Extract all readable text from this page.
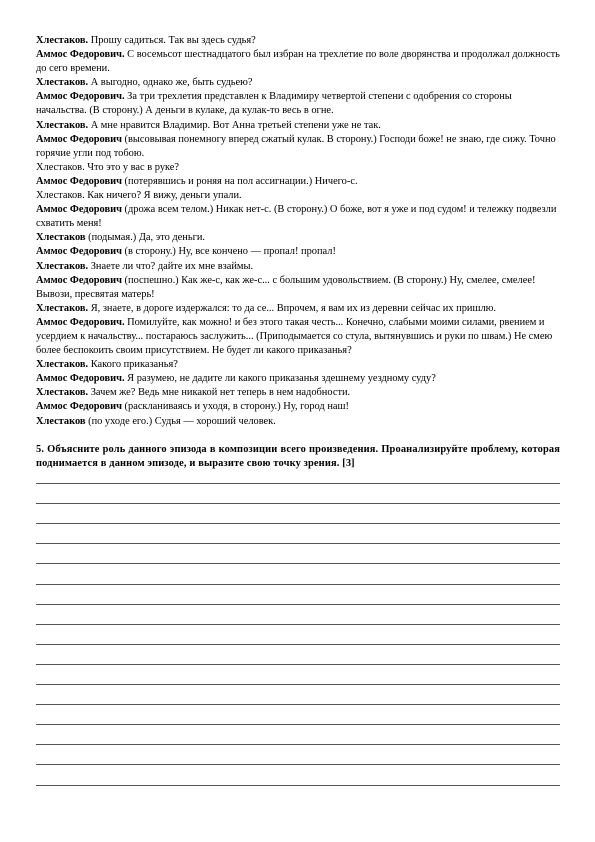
Хлестаков. Прошу садиться. Так вы здесь судья?

Аммос Федорович. С восемьсот шестнадцатого был избран на трехлетие по воле дворянства и продолжал должность до сего времени.

Хлестаков. А выгодно, однако же, быть судьею?

Аммос Федорович. За три трехлетия представлен к Владимиру четвертой степени с одобрения со стороны начальства. (В сторону.) А деньги в кулаке, да кулак-то весь в огне.

Хлестаков. А мне нравится Владимир. Вот Анна третьей степени уже не так.

Аммос Федорович (высовывая понемногу вперед сжатый кулак. В сторону.) Господи боже! не знаю, где сижу. Точно горячие угли под тобою.

Хлестаков. Что это у вас в руке?

Аммос Федорович (потерявшись и роняя на пол ассигнации.) Ничего-с.

Хлестаков. Как ничего? Я вижу, деньги упали.

Аммос Федорович (дрожа всем телом.) Никак нет-с. (В сторону.) О боже, вот я уже и под судом! и тележку подвезли схватить меня!

Хлестаков (подымая.) Да, это деньги.

Аммос Федорович (в сторону.) Ну, все кончено — пропал! пропал!

Хлестаков. Знаете ли что? дайте их мне взаймы.

Аммос Федорович (поспешно.) Как же-с, как же-с... с большим удовольствием. (В сторону.) Ну, смелее, смелее! Вывози, пресвятая матерь!

Хлестаков. Я, знаете, в дороге издержался: то да се... Впрочем, я вам их из деревни сейчас их пришлю.

Аммос Федорович. Помилуйте, как можно! и без этого такая честь... Конечно, слабыми моими силами, рвением и усердием к начальству... постараюсь заслужить... (Приподымается со стула, вытянувшись и руки по швам.) Не смею более беспокоить своим присутствием. Не будет ли какого приказанья?

Хлестаков. Какого приказанья?

Аммос Федорович. Я разумею, не дадите ли какого приказанья здешнему уездному суду?

Хлестаков. Зачем же? Ведь мне никакой нет теперь в нем надобности.

Аммос Федорович (раскланиваясь и уходя, в сторону.) Ну, город наш!

Хлестаков (по уходе его.) Судья — хороший человек.

5. Объясните роль данного эпизода в композиции всего произведения. Проанализируйте проблему, которая поднимается в данном эпизоде, и выразите свою точку зрения. [3]
